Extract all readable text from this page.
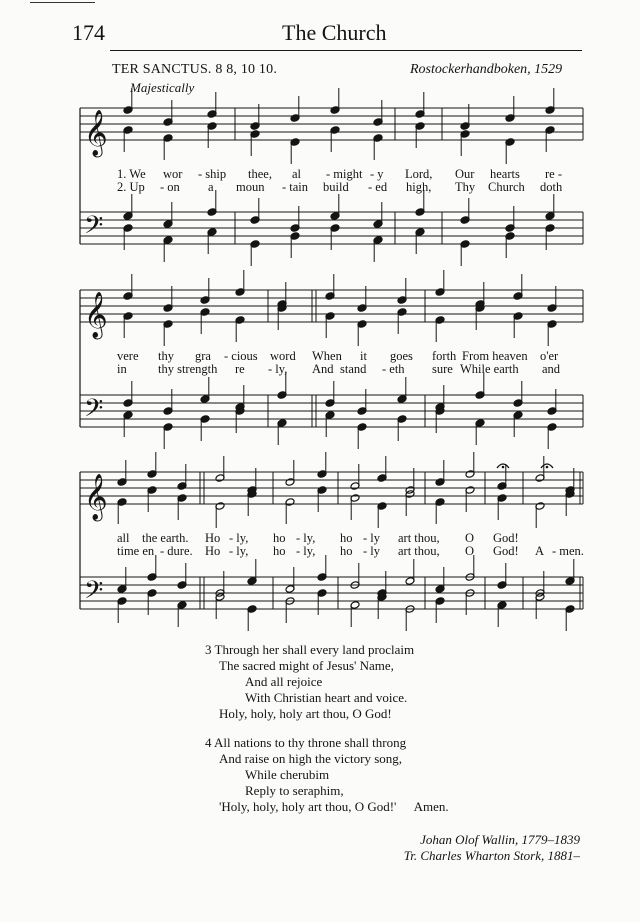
174	The Church
TER SANCTUS. 8 8, 10 10.	Rostockerhandboken, 1529
Majestically
𝄞
𝄢
𝄞
𝄢
𝄞
𝄢
1. We wor - ship thee, al - might - y Lord, Our hearts re -
2. Up - on a moun - tain build - ed high, Thy Church doth
vere thy gra - cious word When it goes forth From heaven o'er
in	thy strength re - ly, And stand - eth sure While earth and
all the earth. Ho - ly, ho - ly, ho - ly art thou, O God!
time en - dure. Ho - ly, ho - ly, ho - ly art thou, O God! A - men.
3 Through her shall every land proclaim
The sacred might of Jesus' Name,
And all rejoice
With Christian heart and voice.
Holy, holy, holy art thou, O God!
4 All nations to thy throne shall throng
And raise on high the victory song,
While cherubim
Reply to seraphim,
'Holy, holy, holy art thou, O God!' Amen.
Johan Olof Wallin, 1779–1839
Tr. Charles Wharton Stork, 1881–
